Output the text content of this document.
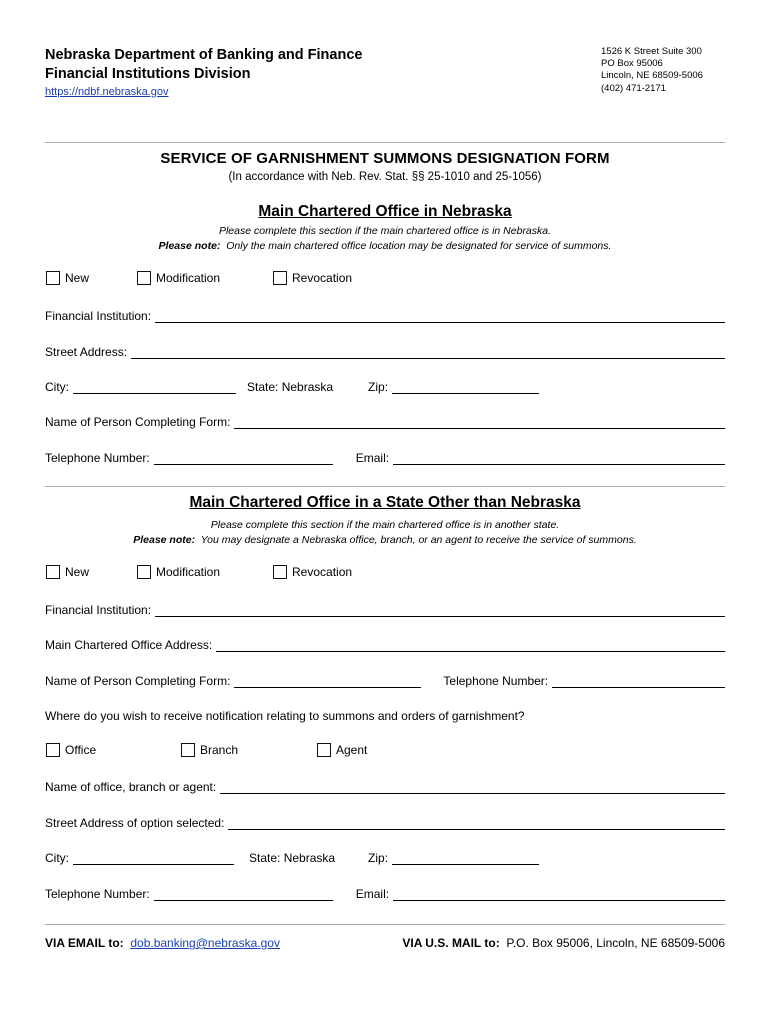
Nebraska Department of Banking and Finance
Financial Institutions Division
https://ndbf.nebraska.gov
1526 K Street Suite 300
PO Box 95006
Lincoln, NE 68509-5006
(402) 471-2171
SERVICE OF GARNISHMENT SUMMONS DESIGNATION FORM
(In accordance with Neb. Rev. Stat. §§ 25-1010 and 25-1056)
Main Chartered Office in Nebraska
Please complete this section if the main chartered office is in Nebraska.
Please note: Only the main chartered office location may be designated for service of summons.
New	Modification	Revocation
Financial Institution:
Street Address:
City:	State: Nebraska	Zip:
Name of Person Completing Form:
Telephone Number:	Email:
Main Chartered Office in a State Other than Nebraska
Please complete this section if the main chartered office is in another state.
Please note: You may designate a Nebraska office, branch, or an agent to receive the service of summons.
New	Modification	Revocation
Financial Institution:
Main Chartered Office Address:
Name of Person Completing Form:	Telephone Number:
Where do you wish to receive notification relating to summons and orders of garnishment?
Office	Branch	Agent
Name of office, branch or agent:
Street Address of option selected:
City:	State: Nebraska	Zip:
Telephone Number:	Email:
VIA EMAIL to: dob.banking@nebraska.gov	VIA U.S. MAIL to: P.O. Box 95006, Lincoln, NE 68509-5006
